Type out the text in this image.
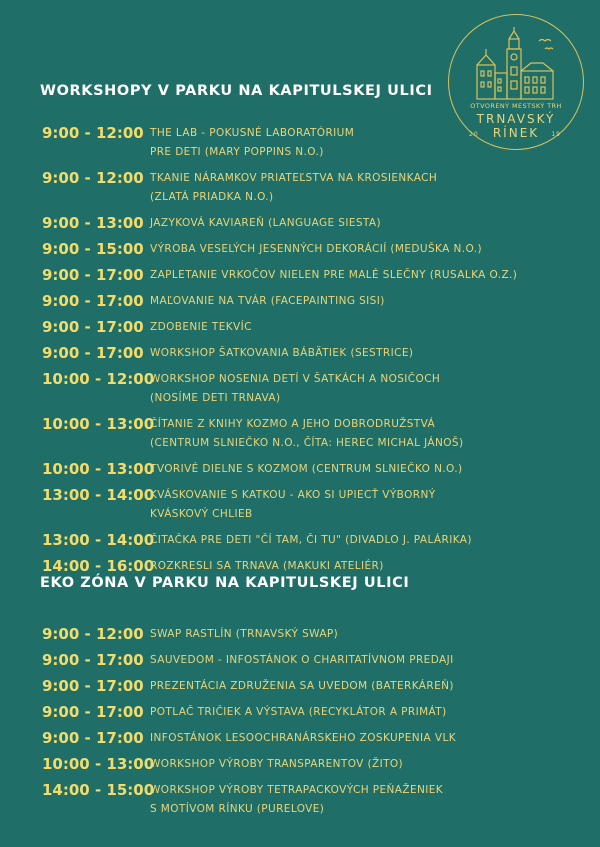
OTVORENÝ MESTSKÝ TRH
TRNAVSKÝ
20	RÍNEK	19
WORKSHOPY V PARKU NA KAPITULSKEJ ULICI
9:00 - 12:00 THE LAB - POKUSNÉ LABORATÓRIUM
PRE DETI (MARY POPPINS N.O.)
9:00 - 12:00 TKANIE NÁRAMKOV PRIATEĽSTVA NA KROSIENKACH
(ZLATÁ PRIADKA N.O.)
9:00 - 13:00 JAZYKOVÁ KAVIAREŇ (LANGUAGE SIESTA)
9:00 - 15:00 VÝROBA VESELÝCH JESENNÝCH DEKORÁCIÍ (MEDUŠKA N.O.)
9:00 - 17:00 ZAPLETANIE VRKOČOV NIELEN PRE MALÉ SLEČNY (RUSALKA O.Z.)
9:00 - 17:00 MAĽOVANIE NA TVÁR (FACEPAINTING SISI)
9:00 - 17:00 ZDOBENIE TEKVÍC
9:00 - 17:00 WORKSHOP ŠATKOVANIA BÁBÄTIEK (SESTRICE)
10:00 - 12:00
WORKSHOP NOSENIA DETÍ V ŠATKÁCH A NOSIČOCH
(NOSÍME DETI TRNAVA)
10:00 - 13:00
ČÍTANIE Z KNIHY KOZMO A JEHO DOBRODRUŽSTVÁ
(CENTRUM SLNIEČKO N.O., ČÍTA: HEREC MICHAL JÁNOŠ)
10:00 - 13:00
TVORIVÉ DIELNE S KOZMOM (CENTRUM SLNIEČKO N.O.)
13:00 - 14:00
KVÁSKOVANIE S KATKOU - AKO SI UPIECŤ VÝBORNÝ
KVÁSKOVÝ CHLIEB
13:00 - 14:00
ČITAČKA PRE DETI "ČÍ TAM, ČI TU" (DIVADLO J. PALÁRIKA)
14:00 - 16:00
ROZKRESLI SA TRNAVA (MAKUKI ATELIÉR)
EKO ZÓNA V PARKU NA KAPITULSKEJ ULICI
9:00 - 12:00 SWAP RASTLÍN (TRNAVSKÝ SWAP)
9:00 - 17:00 SAUVEDOM - INFOSTÁNOK O CHARITATÍVNOM PREDAJI
9:00 - 17:00 PREZENTÁCIA ZDRUŽENIA SA UVEDOM (BATERKÁREŇ)
9:00 - 17:00 POTLAČ TRIČIEK A VÝSTAVA (RECYKLÁTOR A PRIMÁT)
9:00 - 17:00 INFOSTÁNOK LESOOCHRANÁRSKEHO ZOSKUPENIA VLK
10:00 - 13:00
WORKSHOP VÝROBY TRANSPARENTOV (ŽITO)
14:00 - 15:00
WORKSHOP VÝROBY TETRAPACKOVÝCH PEŇAŽENIEK
S MOTÍVOM RÍNKU (PURELOVE)
